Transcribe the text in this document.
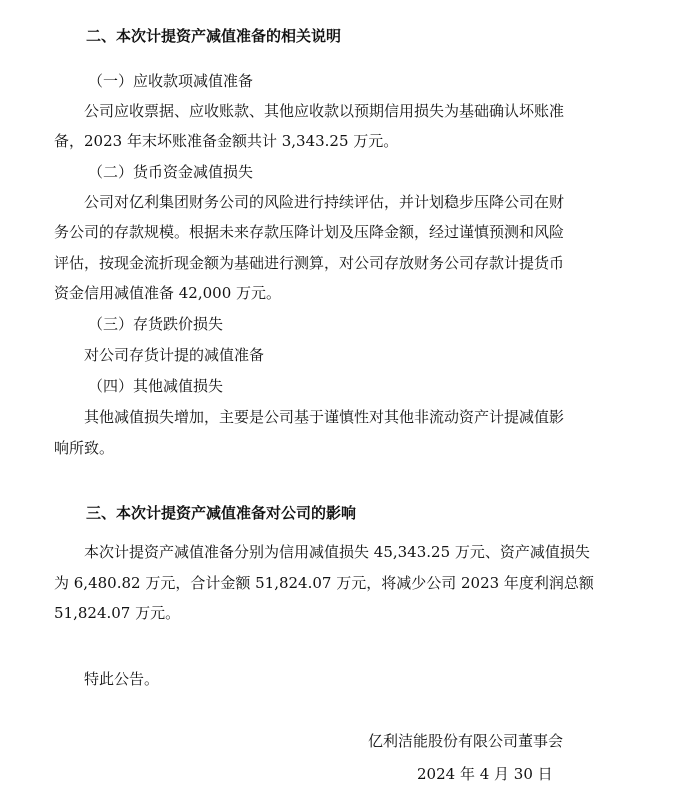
二、本次计提资产减值准备的相关说明
（一）应收款项减值准备
公司应收票据、应收账款、其他应收款以预期信用损失为基础确认坏账准
备，2023 年末坏账准备金额共计 3,343.25 万元。
（二）货币资金减值损失
公司对亿利集团财务公司的风险进行持续评估，并计划稳步压降公司在财
务公司的存款规模。根据未来存款压降计划及压降金额，经过谨慎预测和风险
评估，按现金流折现金额为基础进行测算，对公司存放财务公司存款计提货币
资金信用减值准备 42,000 万元。
（三）存货跌价损失
对公司存货计提的减值准备
（四）其他减值损失
其他减值损失增加，主要是公司基于谨慎性对其他非流动资产计提减值影
响所致。
三、本次计提资产减值准备对公司的影响
本次计提资产减值准备分别为信用减值损失 45,343.25 万元、资产减值损失
为 6,480.82 万元，合计金额 51,824.07 万元，将减少公司 2023 年度利润总额
51,824.07 万元。
特此公告。
亿利洁能股份有限公司董事会
2024 年 4 月 30 日
